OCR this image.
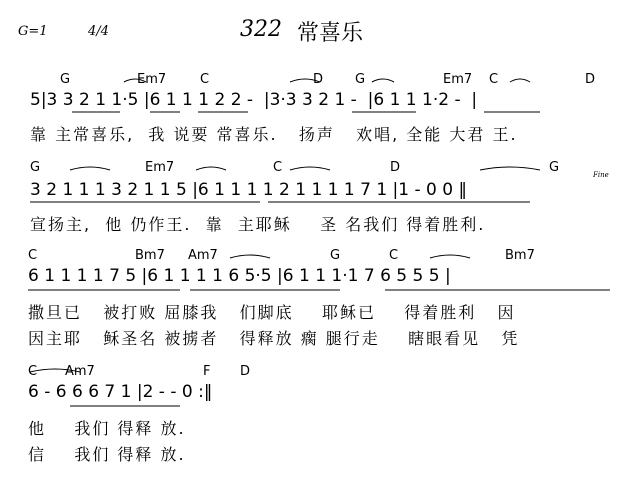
G=1	4/4	322 常喜乐
G	Em7	C	D G	Em7 C	D
5|3 3 2 1 1·5 |6 1 1 1 2 2 -  |3·3 3 2 1 -  |6 1 1 1·2 -  |
靠 主常喜乐,  我 说要 常喜乐.   扬声   欢唱, 全能 大君 王.
G	Em7	C	D	G	Fine
3 2 1 1 1 3 2 1 1 5 |6 1 1 1 1 2 1 1 1 1 7 1 |1 - 0 0 ‖
宣扬主,  他 仍作王.  靠  主耶稣    圣 名我们 得着胜利.
C	Bm7 Am7	G	C	Bm7
6 1 1 1 1 7 5 |6 1 1 1 1 6 5·5 |6 1 1 1·1 7 6 5 5 5 |
撒旦已   被打败 屈膝我   们脚底    耶稣已    得着胜利   因
因主耶   稣圣名 被掳者   得释放 瘸 腿行走    瞎眼看见   凭
C Am7	F D
6 - 6 6 6 7 1 |2 - - 0 :‖
他    我们 得释 放.
信    我们 得释 放.
